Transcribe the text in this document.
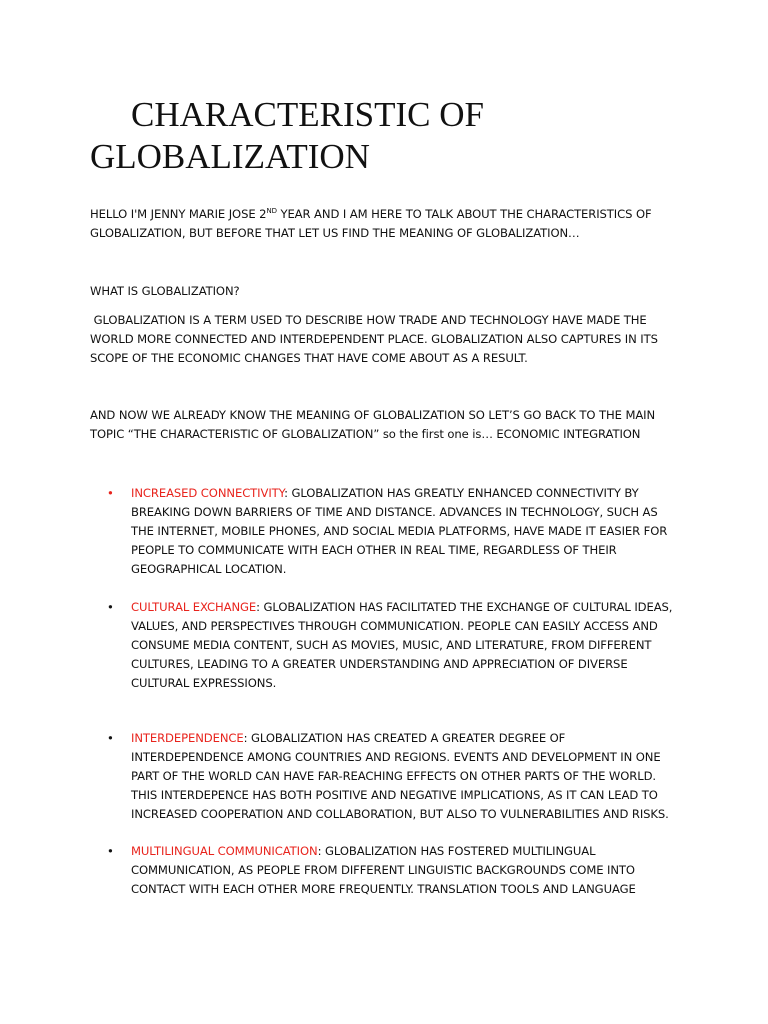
CHARACTERISTIC OF
GLOBALIZATION

HELLO I'M JENNY MARIE JOSE 2ND YEAR AND I AM HERE TO TALK ABOUT THE CHARACTERISTICS OF GLOBALIZATION, BUT BEFORE THAT LET US FIND THE MEANING OF GLOBALIZATION…

WHAT IS GLOBALIZATION?

GLOBALIZATION IS A TERM USED TO DESCRIBE HOW TRADE AND TECHNOLOGY HAVE MADE THE WORLD MORE CONNECTED AND INTERDEPENDENT PLACE. GLOBALIZATION ALSO CAPTURES IN ITS SCOPE OF THE ECONOMIC CHANGES THAT HAVE COME ABOUT AS A RESULT.

AND NOW WE ALREADY KNOW THE MEANING OF GLOBALIZATION SO LET’S GO BACK TO THE MAIN TOPIC “THE CHARACTERISTIC OF GLOBALIZATION” so the first one is… ECONOMIC INTEGRATION

• INCREASED CONNECTIVITY: GLOBALIZATION HAS GREATLY ENHANCED CONNECTIVITY BY BREAKING DOWN BARRIERS OF TIME AND DISTANCE. ADVANCES IN TECHNOLOGY, SUCH AS THE INTERNET, MOBILE PHONES, AND SOCIAL MEDIA PLATFORMS, HAVE MADE IT EASIER FOR PEOPLE TO COMMUNICATE WITH EACH OTHER IN REAL TIME, REGARDLESS OF THEIR GEOGRAPHICAL LOCATION.

• CULTURAL EXCHANGE: GLOBALIZATION HAS FACILITATED THE EXCHANGE OF CULTURAL IDEAS, VALUES, AND PERSPECTIVES THROUGH COMMUNICATION. PEOPLE CAN EASILY ACCESS AND CONSUME MEDIA CONTENT, SUCH AS MOVIES, MUSIC, AND LITERATURE, FROM DIFFERENT CULTURES, LEADING TO A GREATER UNDERSTANDING AND APPRECIATION OF DIVERSE CULTURAL EXPRESSIONS.

• INTERDEPENDENCE: GLOBALIZATION HAS CREATED A GREATER DEGREE OF INTERDEPENDENCE AMONG COUNTRIES AND REGIONS. EVENTS AND DEVELOPMENT IN ONE PART OF THE WORLD CAN HAVE FAR-REACHING EFFECTS ON OTHER PARTS OF THE WORLD. THIS INTERDEPENCE HAS BOTH POSITIVE AND NEGATIVE IMPLICATIONS, AS IT CAN LEAD TO INCREASED COOPERATION AND COLLABORATION, BUT ALSO TO VULNERABILITIES AND RISKS.

• MULTILINGUAL COMMUNICATION: GLOBALIZATION HAS FOSTERED MULTILINGUAL COMMUNICATION, AS PEOPLE FROM DIFFERENT LINGUISTIC BACKGROUNDS COME INTO CONTACT WITH EACH OTHER MORE FREQUENTLY. TRANSLATION TOOLS AND LANGUAGE
